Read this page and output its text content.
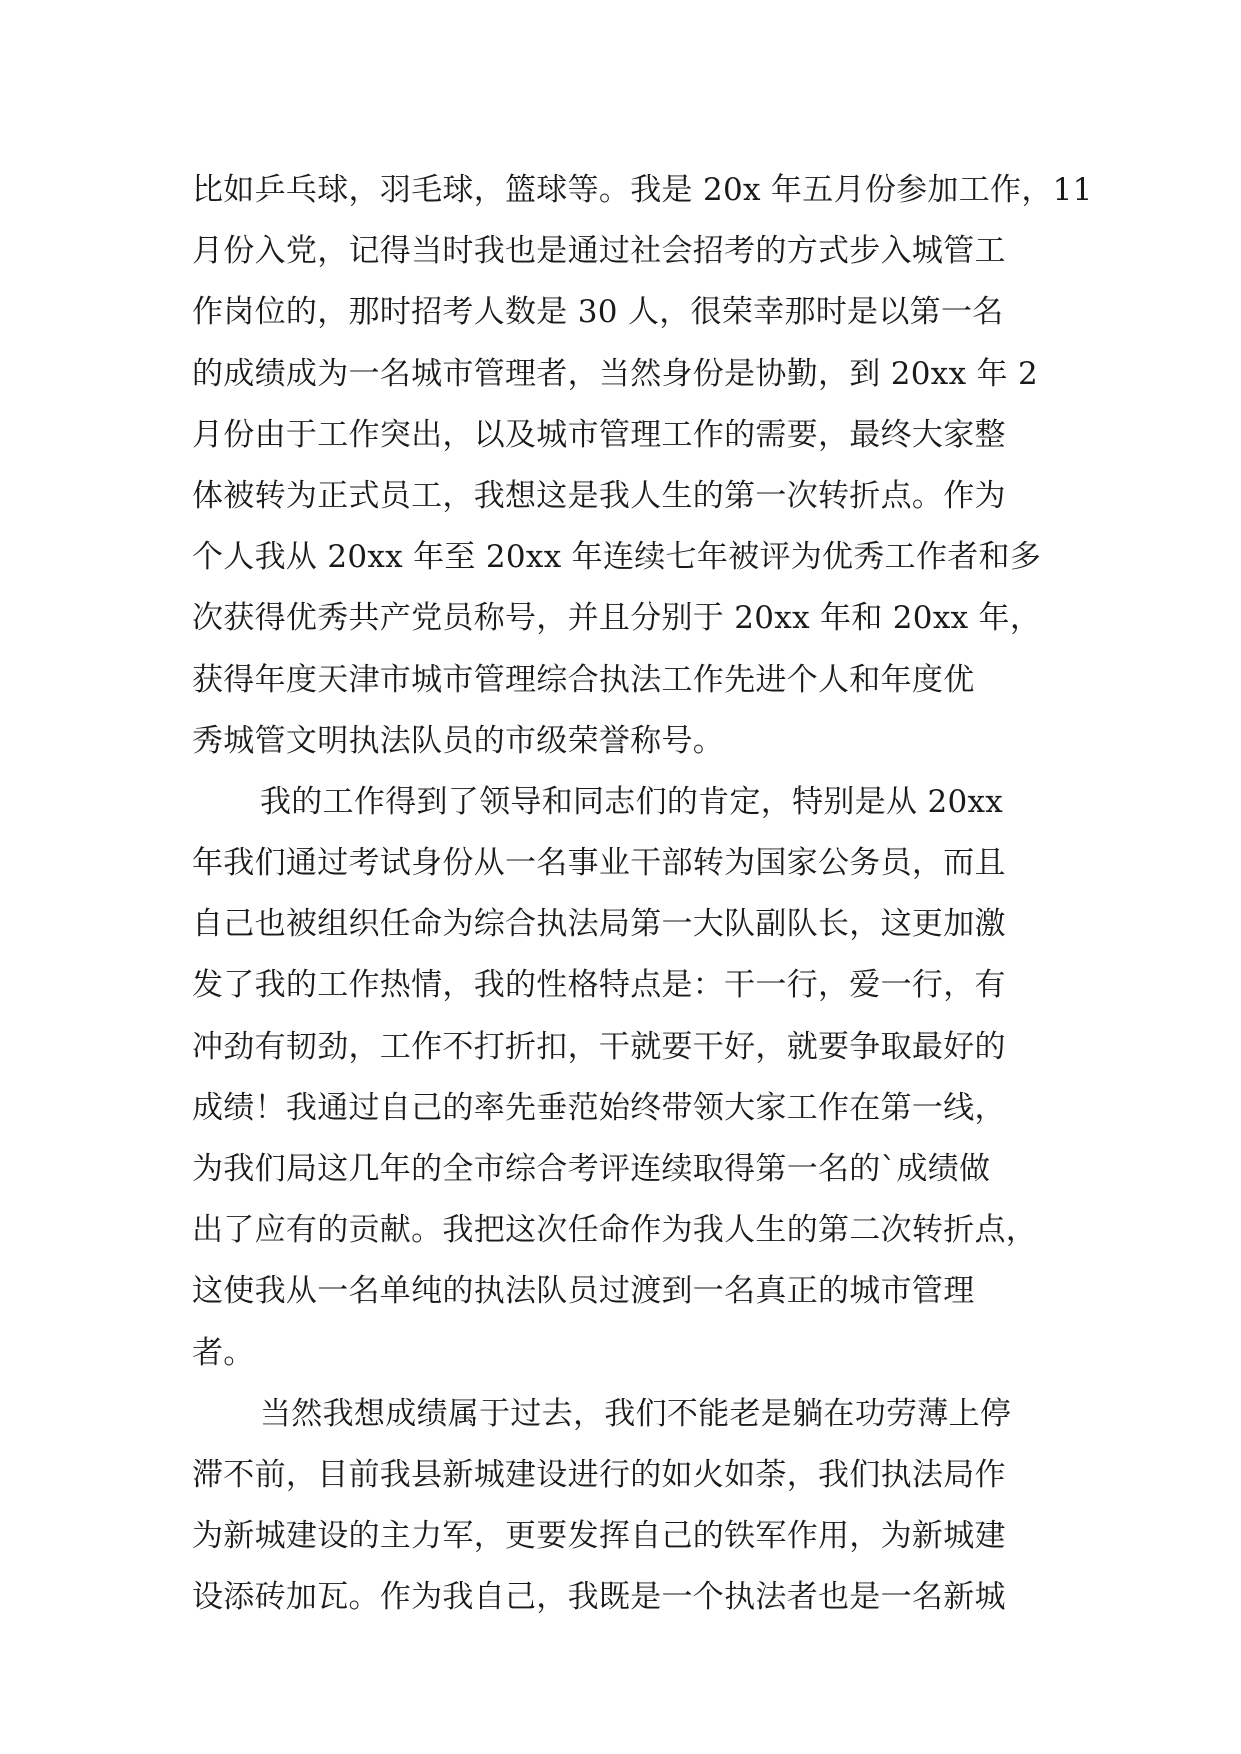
比如乒乓球，羽毛球，篮球等。我是 20x 年五月份参加工作，11
月份入党，记得当时我也是通过社会招考的方式步入城管工
作岗位的，那时招考人数是 30 人，很荣幸那时是以第一名
的成绩成为一名城市管理者，当然身份是协勤，到 20xx 年 2
月份由于工作突出，以及城市管理工作的需要，最终大家整
体被转为正式员工，我想这是我人生的第一次转折点。作为
个人我从 20xx 年至 20xx 年连续七年被评为优秀工作者和多
次获得优秀共产党员称号，并且分别于 20xx 年和 20xx 年，
获得年度天津市城市管理综合执法工作先进个人和年度优
秀城管文明执法队员的市级荣誉称号。
我的工作得到了领导和同志们的肯定，特别是从 20xx
年我们通过考试身份从一名事业干部转为国家公务员，而且
自己也被组织任命为综合执法局第一大队副队长，这更加激
发了我的工作热情，我的性格特点是：干一行，爱一行，有
冲劲有韧劲，工作不打折扣，干就要干好，就要争取最好的
成绩！我通过自己的率先垂范始终带领大家工作在第一线，
为我们局这几年的全市综合考评连续取得第一名的`成绩做
出了应有的贡献。我把这次任命作为我人生的第二次转折点，
这使我从一名单纯的执法队员过渡到一名真正的城市管理
者。
当然我想成绩属于过去，我们不能老是躺在功劳薄上停
滞不前，目前我县新城建设进行的如火如荼，我们执法局作
为新城建设的主力军，更要发挥自己的铁军作用，为新城建
设添砖加瓦。作为我自己，我既是一个执法者也是一名新城
